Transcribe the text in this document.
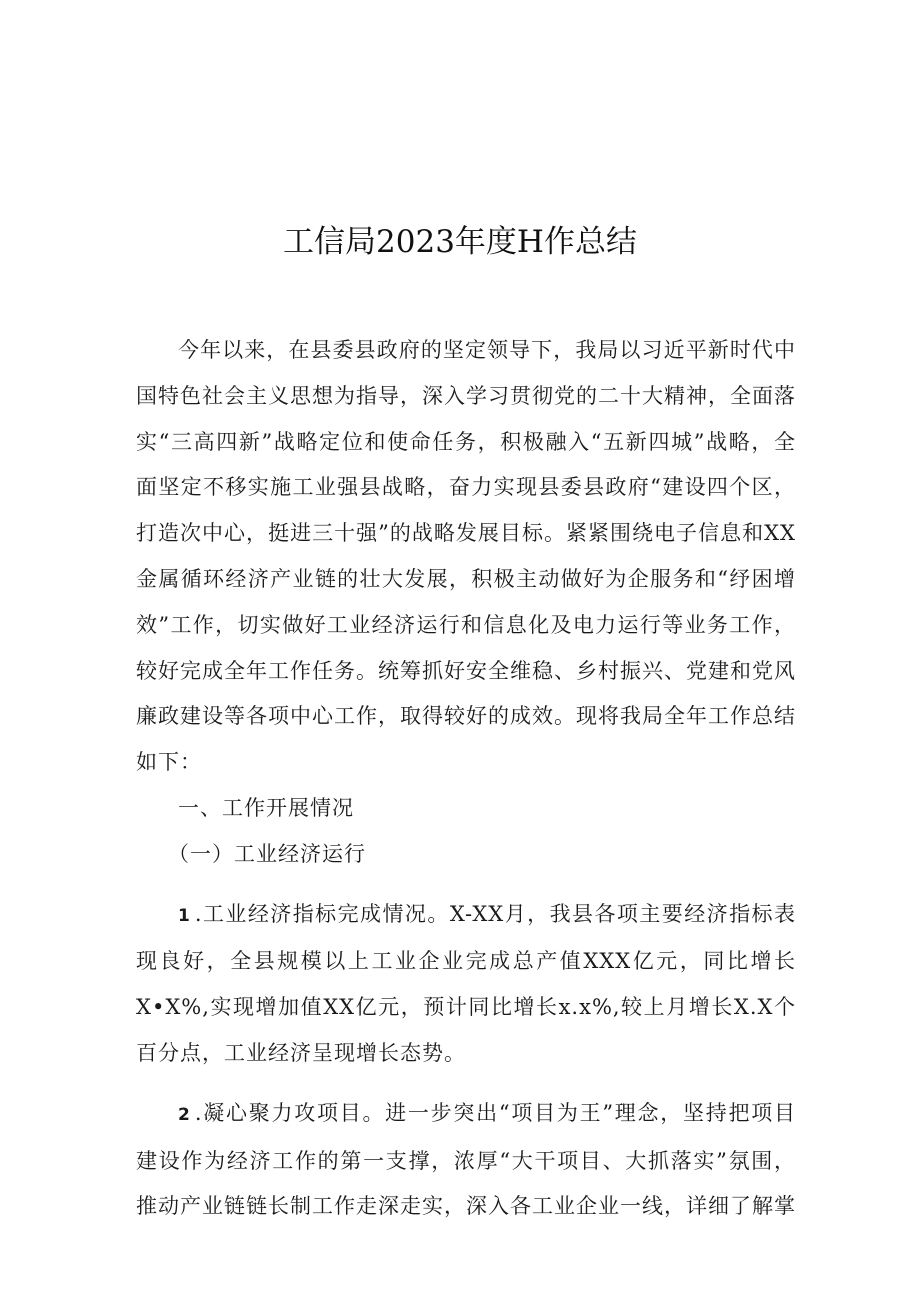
工信局2023年度H作总结

今年以来，在县委县政府的坚定领导下，我局以习近平新时代中国特色社会主义思想为指导，深入学习贯彻党的二十大精神，全面落实“三高四新”战略定位和使命任务，积极融入“五新四城”战略，全面坚定不移实施工业强县战略，奋力实现县委县政府“建设四个区，打造次中心，挺进三十强”的战略发展目标。紧紧围绕电子信息和XX金属循环经济产业链的壮大发展，积极主动做好为企服务和“纾困增效”工作，切实做好工业经济运行和信息化及电力运行等业务工作，较好完成全年工作任务。统筹抓好安全维稳、乡村振兴、党建和党风廉政建设等各项中心工作，取得较好的成效。现将我局全年工作总结如下：

一、工作开展情况

（一）工业经济运行

1 .工业经济指标完成情况。X-XX月，我县各项主要经济指标表现良好，全县规模以上工业企业完成总产值XXX亿元，同比增长X•X%,实现增加值XX亿元，预计同比增长x.x%,较上月增长X.X个百分点，工业经济呈现增长态势。

2 .凝心聚力攻项目。进一步突出“项目为王”理念，坚持把项目建设作为经济工作的第一支撑，浓厚“大干项目、大抓落实”氛围，推动产业链链长制工作走深走实，深入各工业企业一线，详细了解掌
